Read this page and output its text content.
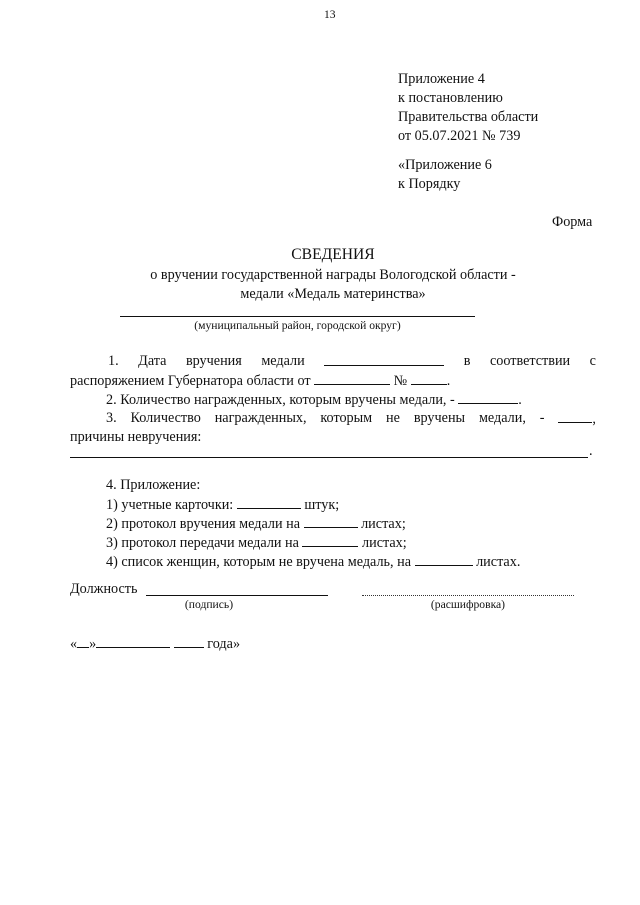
13
Приложение 4
к постановлению
Правительства области
от 05.07.2021 № 739
«Приложение 6
к Порядку
Форма
СВЕДЕНИЯ
о вручении государственной награды Вологодской области -
медали «Медаль материнства»
(муниципальный район, городской округ)
1. Дата вручения медали	в соответствии с
распоряжением Губернатора области от	№	.
2. Количество награжденных, которым вручены медали, -	.
3. Количество награжденных, которым не вручены медали, -	,
причины невручения:
.
4. Приложение:
1) учетные карточки:	штук;
2) протокол вручения медали на	листах;
3) протокол передачи медали на	листах;
4) список женщин, которым не вручена медаль, на	листах.
Должность
(подпись)	(расшифровка)
« »	года»
